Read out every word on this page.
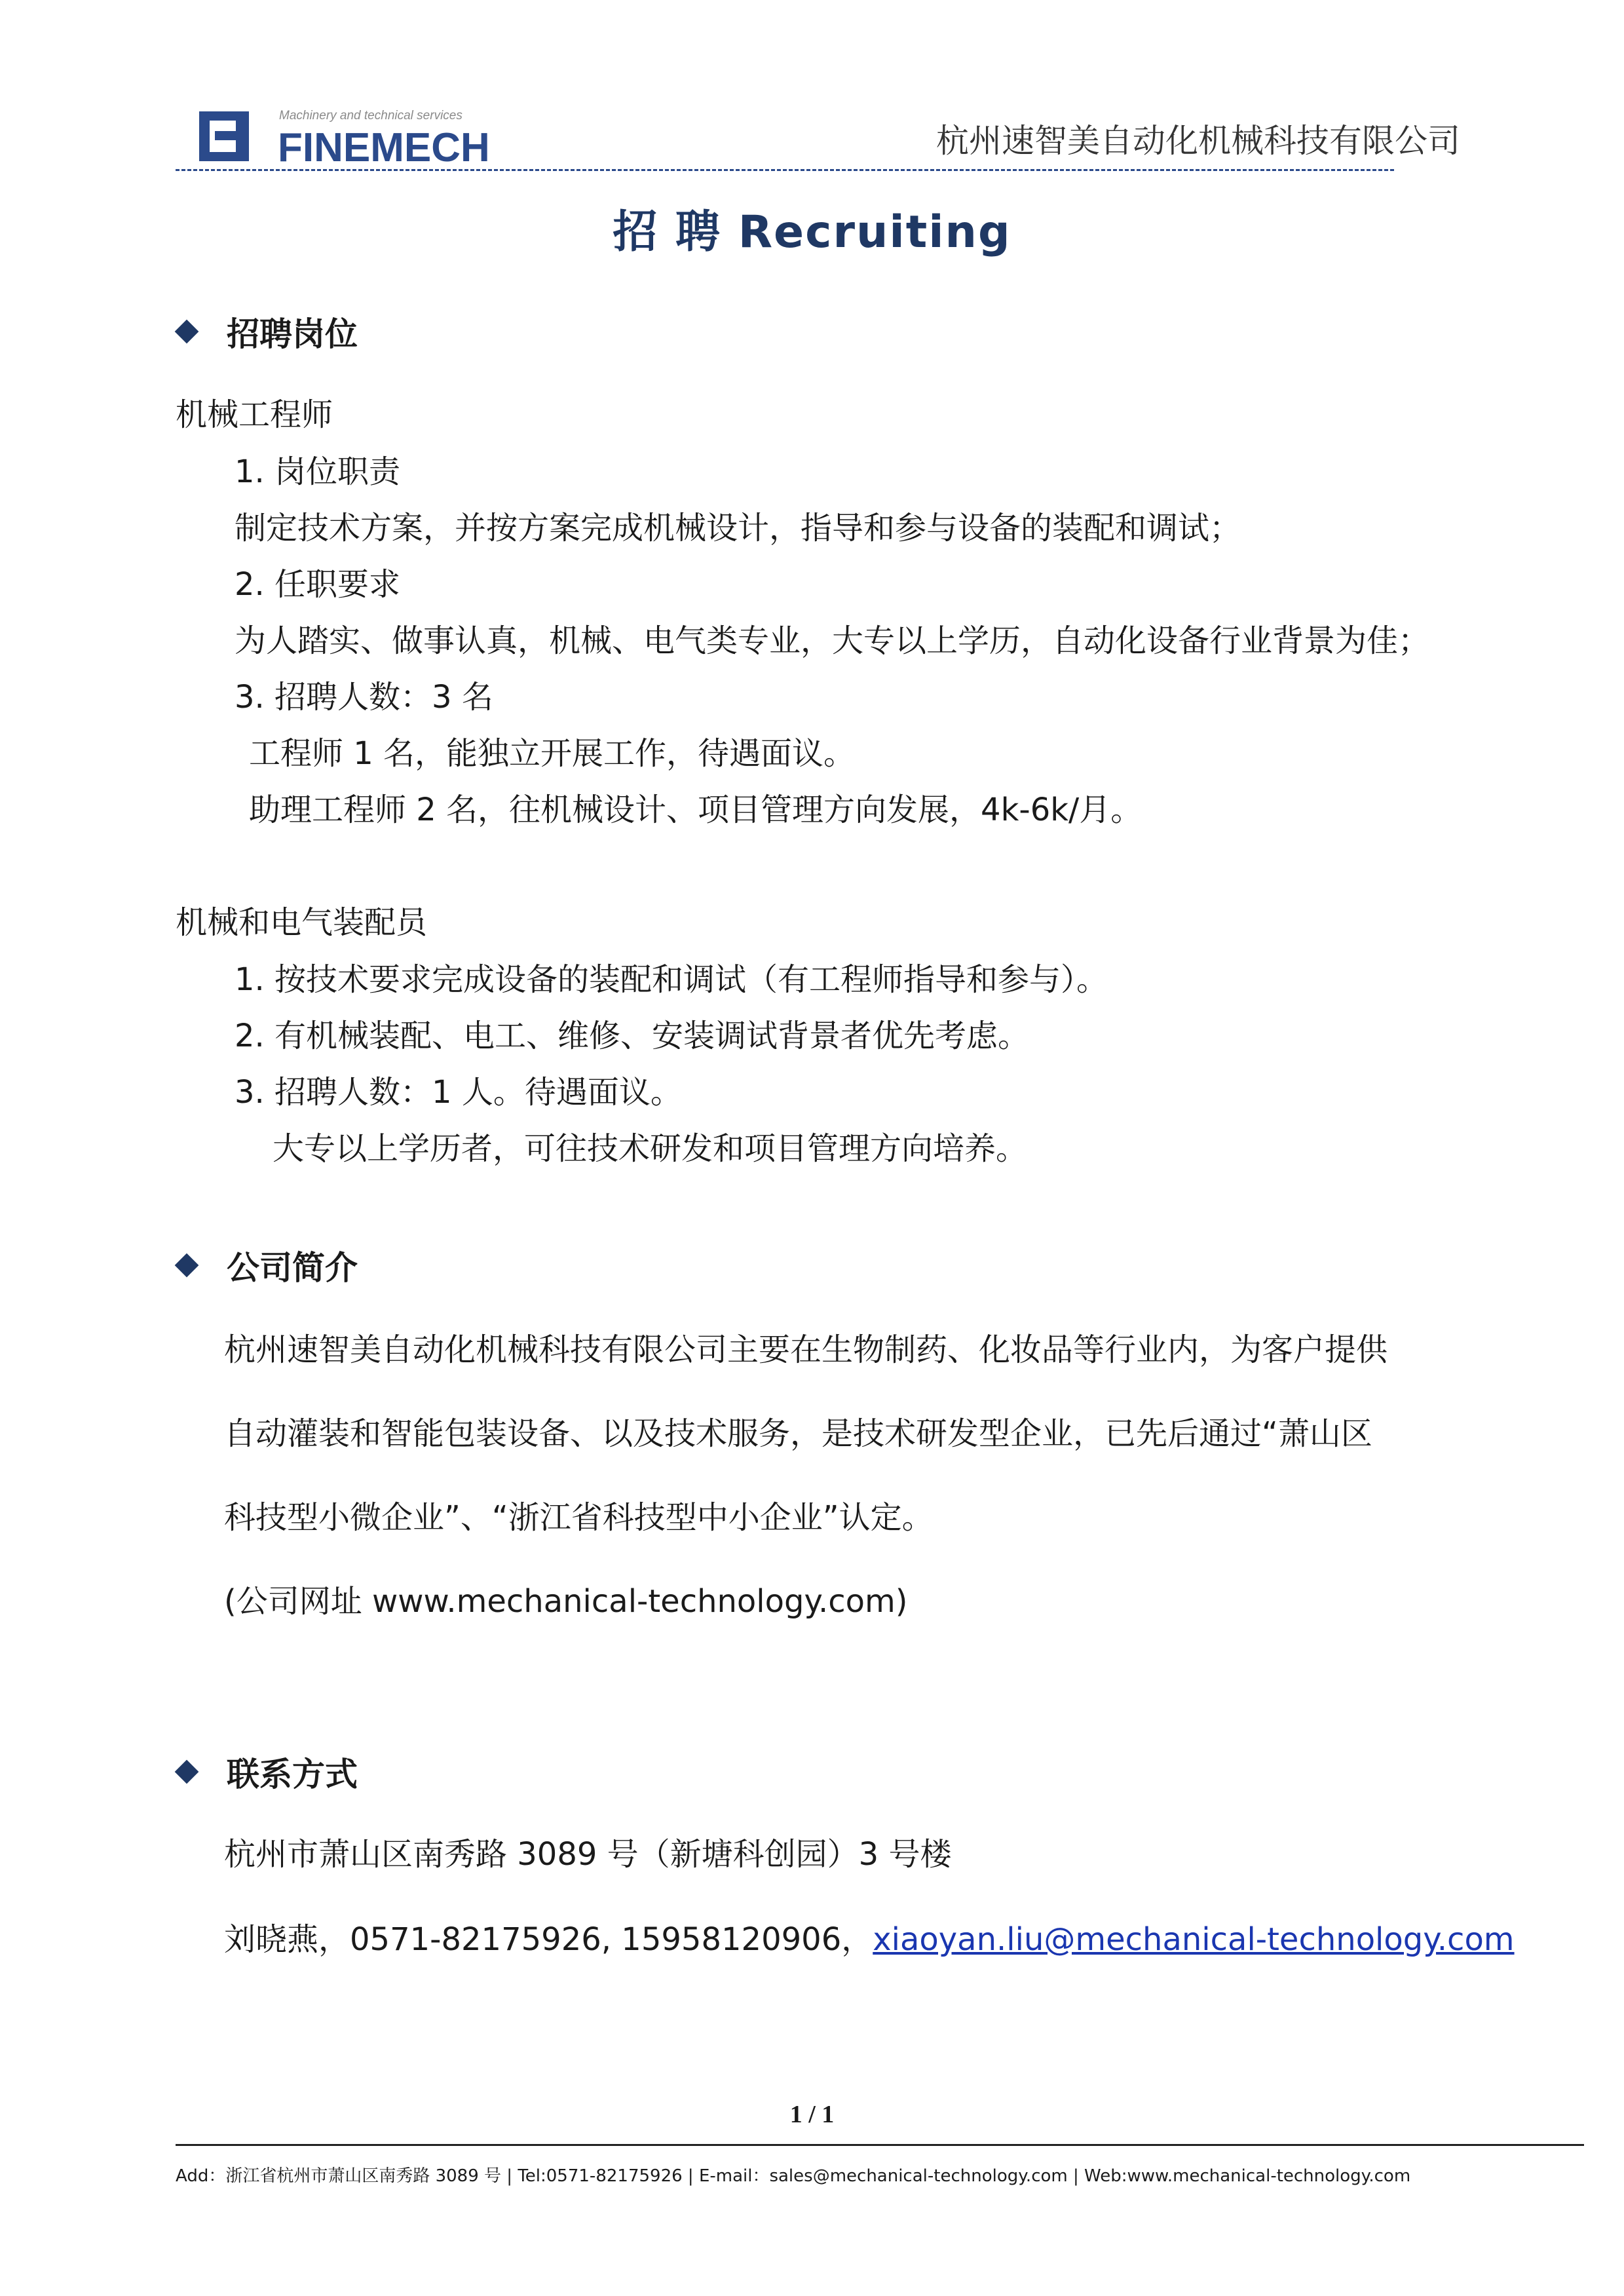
Machinery and technical services
FINEMECH	杭州速智美自动化机械科技有限公司
招 聘 Recruiting
招聘岗位
机械工程师
1. 岗位职责
制定技术方案，并按方案完成机械设计，指导和参与设备的装配和调试；
2. 任职要求
为人踏实、做事认真，机械、电气类专业，大专以上学历，自动化设备行业背景为佳；
3. 招聘人数：3 名
工程师 1 名，能独立开展工作，待遇面议。
助理工程师 2 名，往机械设计、项目管理方向发展，4k-6k/月。
机械和电气装配员
1. 按技术要求完成设备的装配和调试（有工程师指导和参与）。
2. 有机械装配、电工、维修、安装调试背景者优先考虑。
3. 招聘人数：1 人。待遇面议。
大专以上学历者，可往技术研发和项目管理方向培养。
公司简介
杭州速智美自动化机械科技有限公司主要在生物制药、化妆品等行业内，为客户提供
自动灌装和智能包装设备、以及技术服务，是技术研发型企业，已先后通过“萧山区
科技型小微企业”、“浙江省科技型中小企业”认定。
(公司网址 www.mechanical-technology.com)
联系方式
杭州市萧山区南秀路 3089 号（新塘科创园）3 号楼
刘晓燕，0571-82175926, 15958120906，xiaoyan.liu@mechanical-technology.com
1 / 1
Add：浙江省杭州市萧山区南秀路 3089 号 | Tel:0571-82175926 | E-mail：sales@mechanical-technology.com | Web:www.mechanical-technology.com
